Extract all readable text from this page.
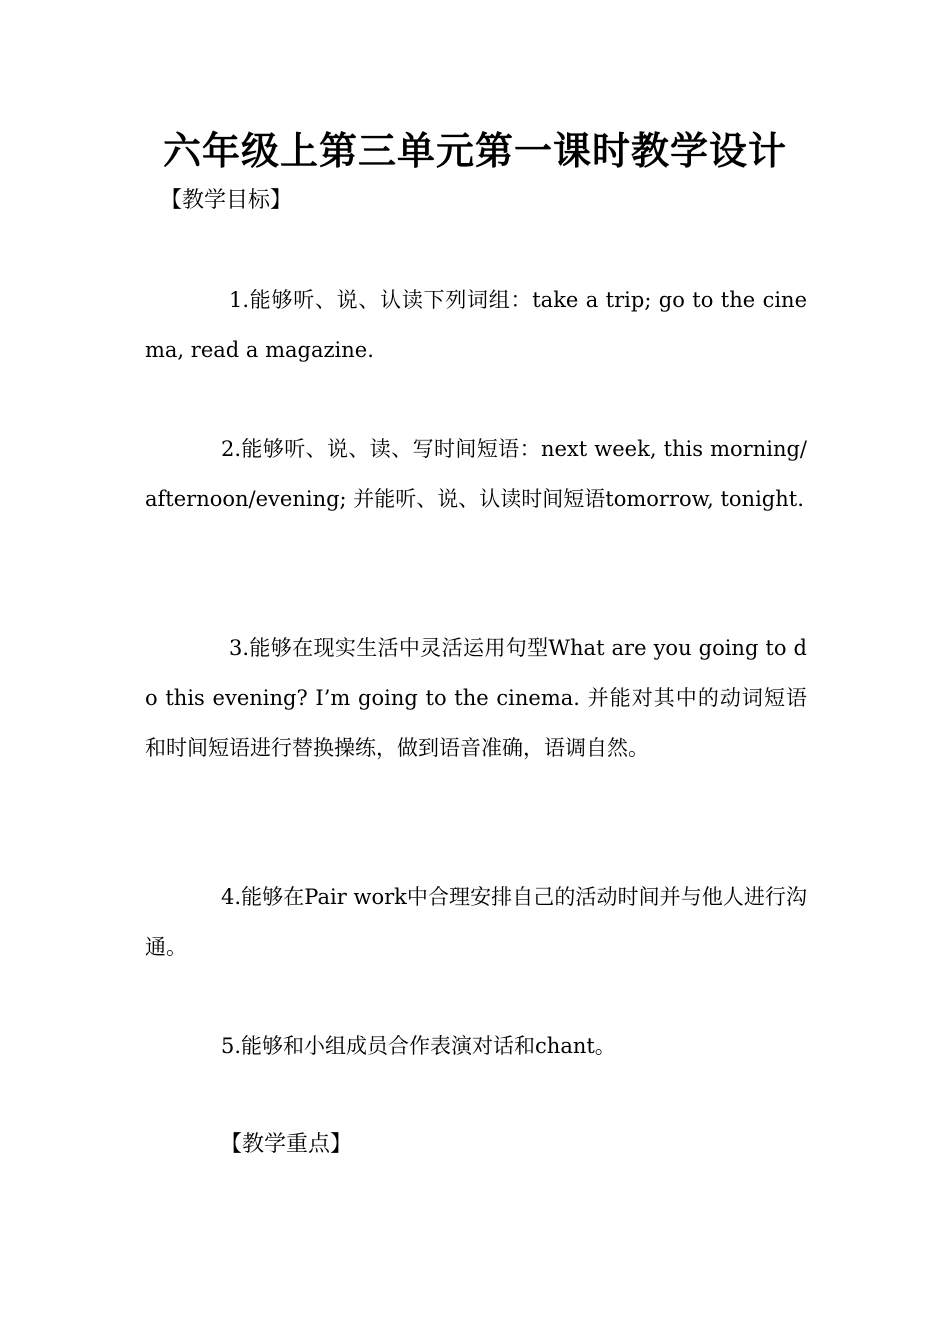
六年级上第三单元第一课时教学设计
【教学目标】
1.能够听、说、认读下列词组：take a trip; go to the cinema, read a magazine.
2.能够听、说、读、写时间短语：next week, this morning/afternoon/evening; 并能听、说、认读时间短语tomorrow, tonight.
3.能够在现实生活中灵活运用句型What are you going to do this evening? I’m going to the cinema. 并能对其中的动词短语和时间短语进行替换操练，做到语音准确，语调自然。
4.能够在Pair work中合理安排自己的活动时间并与他人进行沟通。
5.能够和小组成员合作表演对话和chant。
【教学重点】
